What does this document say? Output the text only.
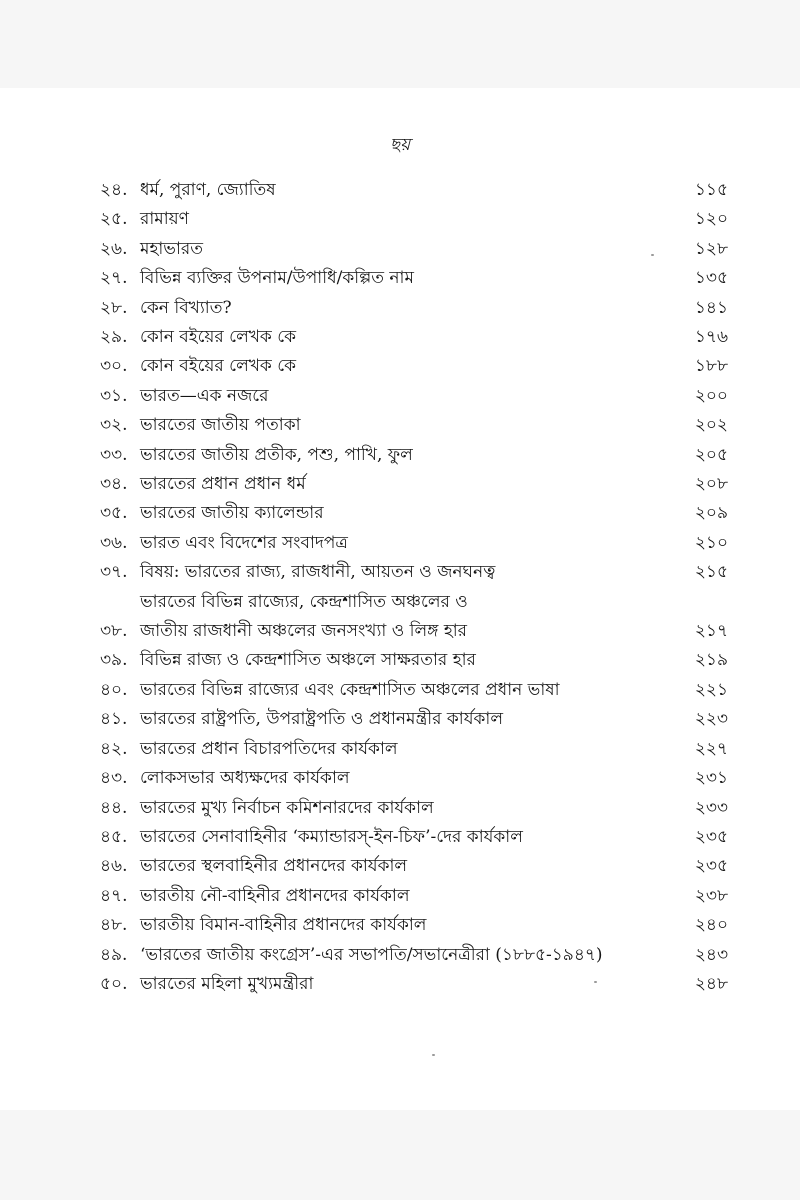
ছয়
২৪. ধর্ম, পুরাণ, জ্যোতিষ	১১৫
২৫. রামায়ণ	১২০
২৬. মহাভারত	১২৮
২৭. বিভিন্ন ব্যক্তির উপনাম/উপাধি/কল্পিত নাম	১৩৫
২৮. কেন বিখ্যাত?	১৪১
২৯. কোন বইয়ের লেখক কে	১৭৬
৩০. কোন বইয়ের লেখক কে	১৮৮
৩১. ভারত—এক নজরে	২০০
৩২. ভারতের জাতীয় পতাকা	২০২
৩৩. ভারতের জাতীয় প্রতীক, পশু, পাখি, ফুল	২০৫
৩৪. ভারতের প্রধান প্রধান ধর্ম	২০৮
৩৫. ভারতের জাতীয় ক্যালেন্ডার	২০৯
৩৬. ভারত এবং বিদেশের সংবাদপত্র	২১০
৩৭. বিষয়: ভারতের রাজ্য, রাজধানী, আয়তন ও জনঘনত্ব	২১৫
৩৮.
ভারতের বিভিন্ন রাজ্যের, কেন্দ্রশাসিত অঞ্চলের ও
জাতীয় রাজধানী অঞ্চলের জনসংখ্যা ও লিঙ্গ হার	২১৭
৩৯. বিভিন্ন রাজ্য ও কেন্দ্রশাসিত অঞ্চলে সাক্ষরতার হার	২১৯
৪০. ভারতের বিভিন্ন রাজ্যের এবং কেন্দ্রশাসিত অঞ্চলের প্রধান ভাষা	২২১
৪১. ভারতের রাষ্ট্রপতি, উপরাষ্ট্রপতি ও প্রধানমন্ত্রীর কার্যকাল	২২৩
৪২. ভারতের প্রধান বিচারপতিদের কার্যকাল	২২৭
৪৩. লোকসভার অধ্যক্ষদের কার্যকাল	২৩১
৪৪. ভারতের মুখ্য নির্বাচন কমিশনারদের কার্যকাল	২৩৩
৪৫. ভারতের সেনাবাহিনীর ‘কম্যান্ডারস্-ইন-চিফ’-দের কার্যকাল	২৩৫
৪৬. ভারতের স্থলবাহিনীর প্রধানদের কার্যকাল	২৩৫
৪৭. ভারতীয় নৌ-বাহিনীর প্রধানদের কার্যকাল	২৩৮
৪৮. ভারতীয় বিমান-বাহিনীর প্রধানদের কার্যকাল	২৪০
৪৯. ‘ভারতের জাতীয় কংগ্রেস’-এর সভাপতি/সভানেত্রীরা (১৮৮৫-১৯৪৭)	২৪৩
৫০. ভারতের মহিলা মুখ্যমন্ত্রীরা	২৪৮
